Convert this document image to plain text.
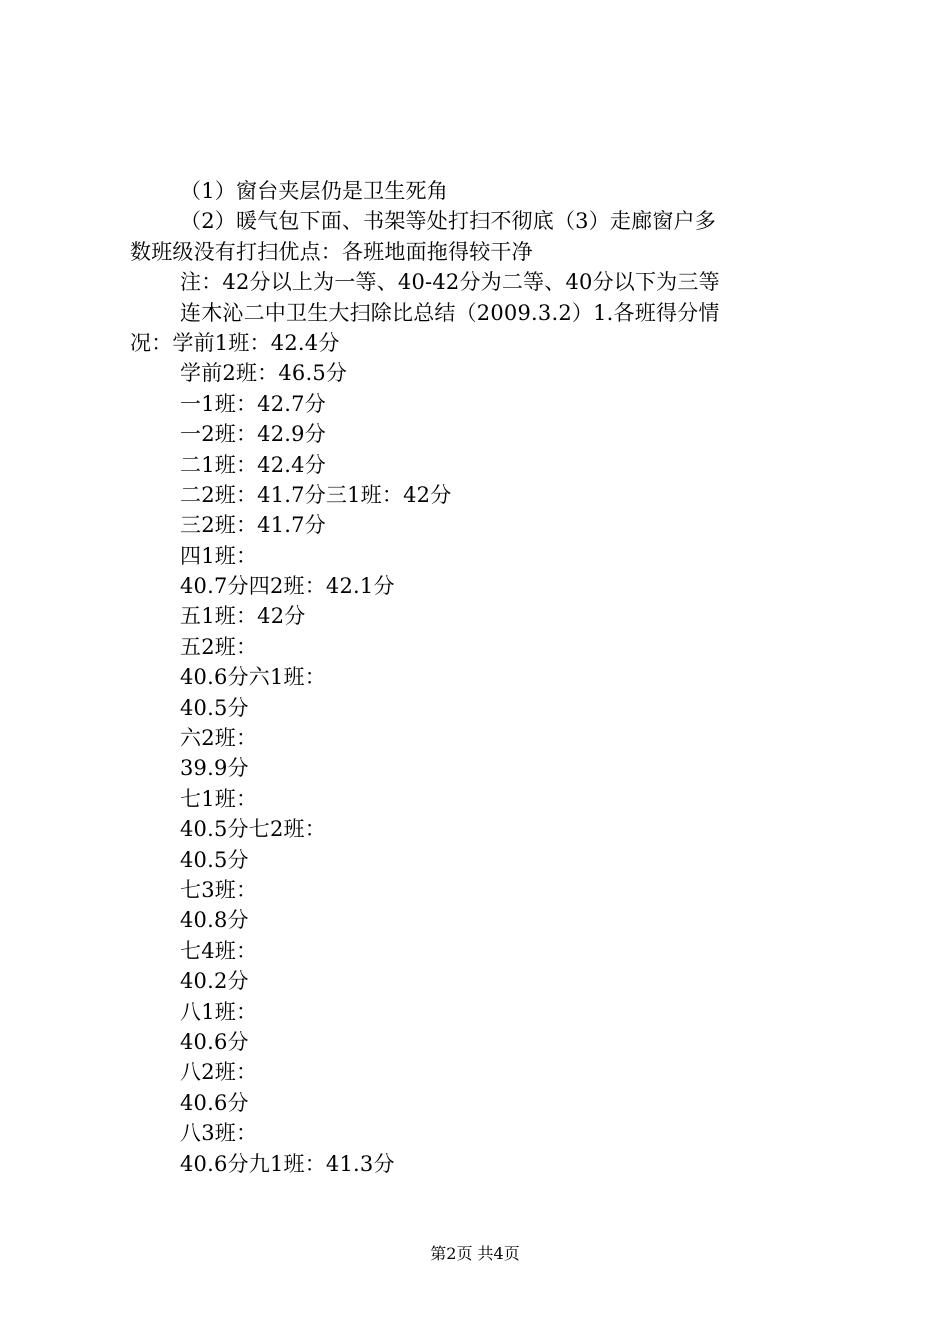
（1）窗台夹层仍是卫生死角
（2）暖气包下面、书架等处打扫不彻底（3）走廊窗户多
数班级没有打扫优点：各班地面拖得较干净
注：42分以上为一等、40-42分为二等、40分以下为三等
连木沁二中卫生大扫除比总结（2009.3.2）1.各班得分情
况：学前1班：42.4分
学前2班：46.5分
一1班：42.7分
一2班：42.9分
二1班：42.4分
二2班：41.7分三1班：42分
三2班：41.7分
四1班：
40.7分四2班：42.1分
五1班：42分
五2班：
40.6分六1班：
40.5分
六2班：
39.9分
七1班：
40.5分七2班：
40.5分
七3班：
40.8分
七4班：
40.2分
八1班：
40.6分
八2班：
40.6分
八3班：
40.6分九1班：41.3分
第2页 共4页
